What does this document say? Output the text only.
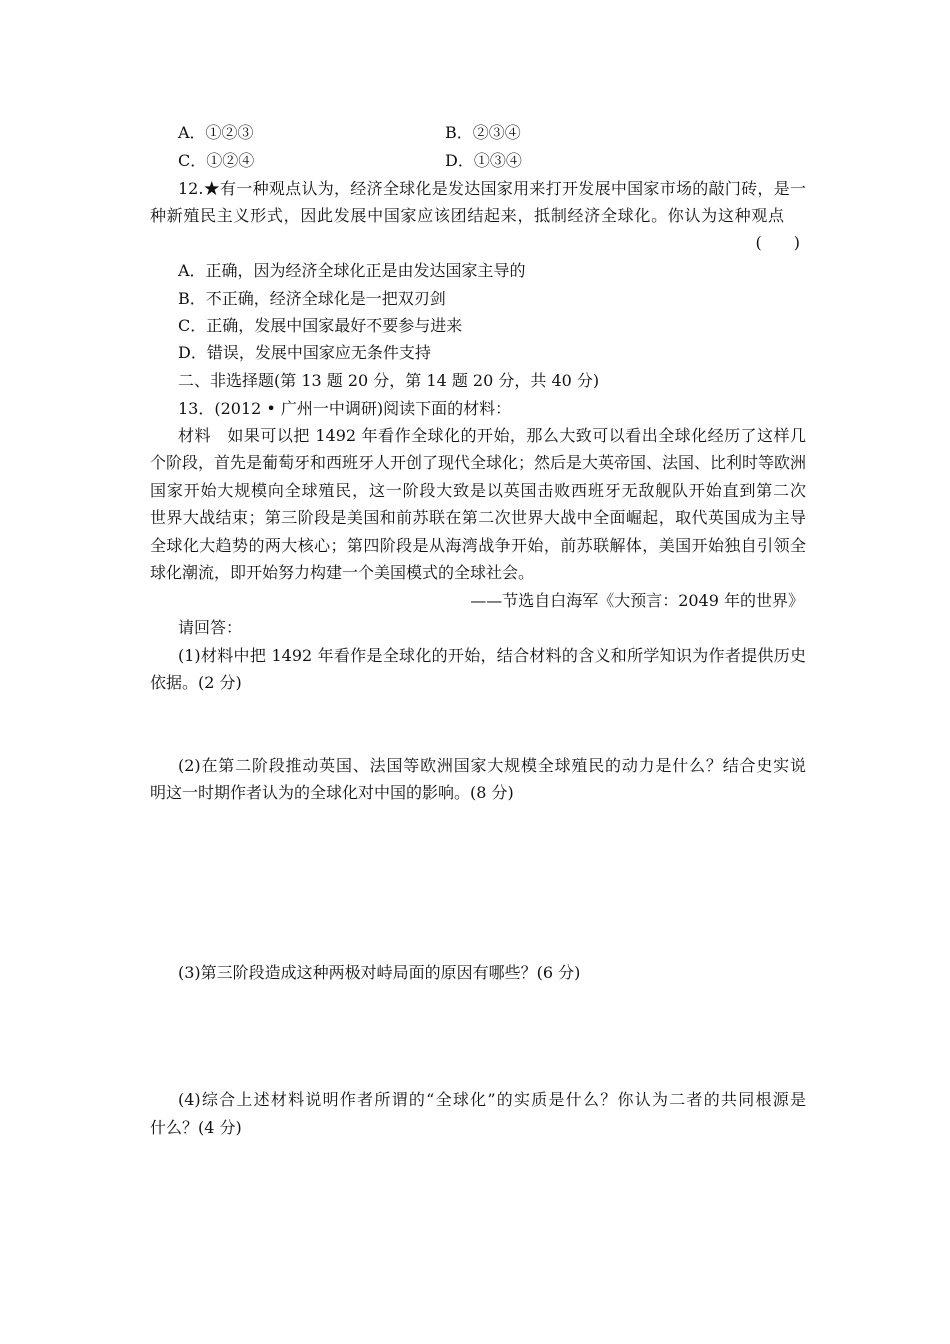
A．①②③	B．②③④
C．①②④	D．①③④
12.★有一种观点认为，经济全球化是发达国家用来打开发展中国家市场的敲门砖，是一
种新殖民主义形式，因此发展中国家应该团结起来，抵制经济全球化。你认为这种观点
(　　)
A．正确，因为经济全球化正是由发达国家主导的
B．不正确，经济全球化是一把双刃剑
C．正确，发展中国家最好不要参与进来
D．错误，发展中国家应无条件支持
二、非选择题(第 13 题 20 分，第 14 题 20 分，共 40 分)
13．(2012 • 广州一中调研)阅读下面的材料：
材料　如果可以把 1492 年看作全球化的开始，那么大致可以看出全球化经历了这样几
个阶段，首先是葡萄牙和西班牙人开创了现代全球化；然后是大英帝国、法国、比利时等欧洲
国家开始大规模向全球殖民，这一阶段大致是以英国击败西班牙无敌舰队开始直到第二次
世界大战结束；第三阶段是美国和前苏联在第二次世界大战中全面崛起，取代英国成为主导
全球化大趋势的两大核心；第四阶段是从海湾战争开始，前苏联解体，美国开始独自引领全
球化潮流，即开始努力构建一个美国模式的全球社会。
——节选自白海军《大预言：2049 年的世界》
请回答：
(1)材料中把 1492 年看作是全球化的开始，结合材料的含义和所学知识为作者提供历史
依据。(2 分)
(2)在第二阶段推动英国、法国等欧洲国家大规模全球殖民的动力是什么？结合史实说
明这一时期作者认为的全球化对中国的影响。(8 分)
(3)第三阶段造成这种两极对峙局面的原因有哪些？(6 分)
(4)综合上述材料说明作者所谓的“全球化”的实质是什么？你认为二者的共同根源是
什么？(4 分)
